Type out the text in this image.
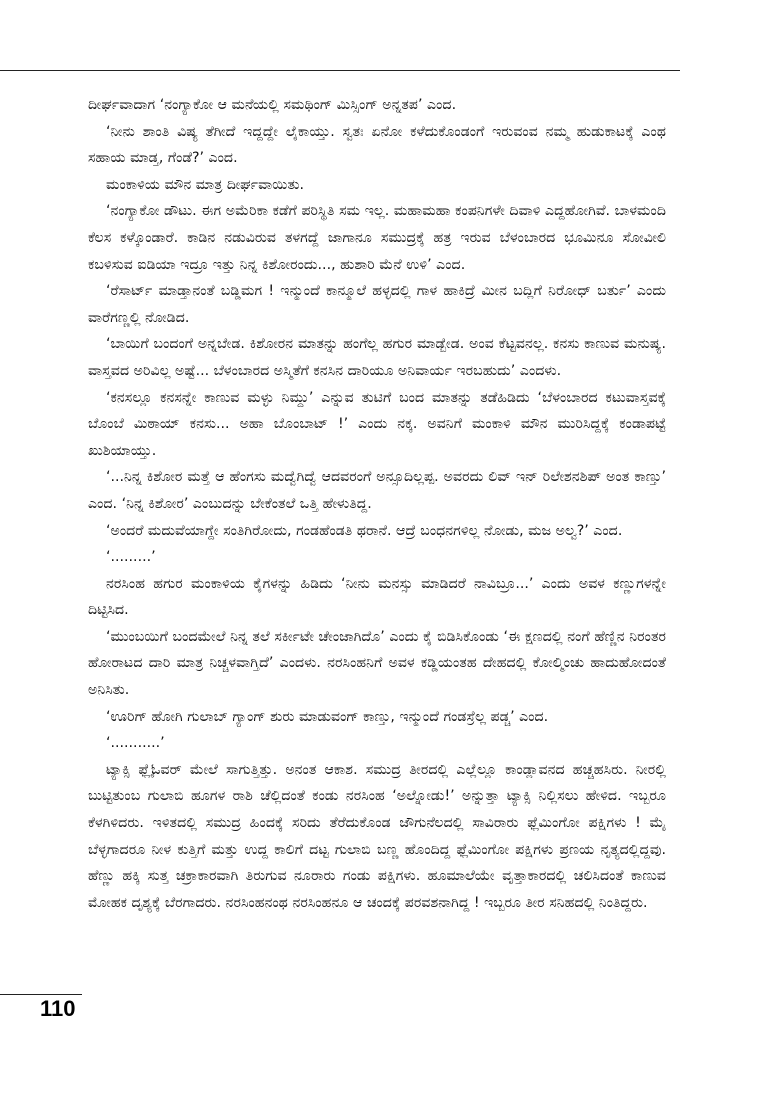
ದೀರ್ಘವಾದಾಗ ‘ನಂಗ್ಯಾಕೋ ಆ ಮನೆಯಲ್ಲಿ ಸಮಥಿಂಗ್ ಮಿಸ್ಸಿಂಗ್ ಅನ್ನತಪ’ ಎಂದ.

‘ನೀನು ಶಾಂತಿ ವಿಷ್ಯ ತೆಗೀದೆ ಇದ್ದದ್ದೇ ಲೈಕಾಯ್ತು. ಸ್ವತಃ ಏನೋ ಕಳೆದುಕೊಂಡಂಗೆ ಇರುವಂವ ನಮ್ಮ ಹುಡುಕಾಟಕ್ಕೆ ಎಂಥ ಸಹಾಯ ಮಾಡ್ತ, ಗೆಂಡೆ?’ ಎಂದ.

ಮಂಕಾಳಿಯ ಮೌನ ಮಾತ್ರ ದೀರ್ಘವಾಯಿತು.

‘ನಂಗ್ಯಾಕೋ ಡೌಟು. ಈಗ ಅಮೆರಿಕಾ ಕಡೆಗೆ ಪರಿಸ್ಥಿತಿ ಸಮ ಇಲ್ಲ. ಮಹಾಮಹಾ ಕಂಪನಿಗಳೇ ದಿವಾಳಿ ಎದ್ದಹೋಗಿವೆ. ಬಾಳಮಂದಿ ಕೆಲಸ ಕಳ್ಕೊಂಡಾರೆ. ಕಾಡಿನ ನಡುವಿರುವ ತಳಗದ್ದೆ ಜಾಗಾನೂ ಸಮುದ್ರಕ್ಕೆ ಹತ್ರ ಇರುವ ಬೆಳಂಬಾರದ ಭೂಮಿನೂ ಸೋವೀಲಿ ಕಬಳಿಸುವ ಐಡಿಯಾ ಇದ್ರೂ ಇತ್ತು ನಿನ್ನ ಕಿಶೋರಂದು..., ಹುಶಾರಿ ಮೆನೆ ಉಳಿ’ ಎಂದ.

‘ರೆಸಾರ್ಟ್ ಮಾಡ್ತಾನಂತೆ ಬಡ್ಡಿಮಗ ! ಇನ್ಮುಂದೆ ಕಾನ್ಮೂಲೆ ಹಳ್ಳದಲ್ಲಿ ಗಾಳ ಹಾಕಿದ್ರೆ ಮೀನ ಬದ್ಲಿಗೆ ನಿರೋಧ್ ಬರ್ತು’ ಎಂದು ವಾರೆಗಣ್ಣಲ್ಲಿ ನೋಡಿದ.

‘ಬಾಯಿಗೆ ಬಂದಂಗೆ ಅನ್ನಬೇಡ. ಕಿಶೋರನ ಮಾತನ್ನು ಹಂಗೆಲ್ಲ ಹಗುರ ಮಾಡ್ಬೇಡ. ಅಂವ ಕೆಟ್ಟವನಲ್ಲ. ಕನಸು ಕಾಣುವ ಮನುಷ್ಯ. ವಾಸ್ತವದ ಅರಿವಿಲ್ಲ ಅಷ್ಟೆ... ಬೆಳಂಬಾರದ ಅಸ್ಮಿತೆಗೆ ಕನಸಿನ ದಾರಿಯೂ ಅನಿವಾರ್ಯ ಇರಬಹುದು’ ಎಂದಳು.

‘ಕನಸಲ್ಲೂ ಕನಸನ್ನೇ ಕಾಣುವ ಮಳ್ಳು ನಿಮ್ದು’ ಎನ್ನುವ ತುಟಿಗೆ ಬಂದ ಮಾತನ್ನು ತಡೆಹಿಡಿದು ‘ಬೆಳಂಬಾರದ ಕಟುವಾಸ್ತವಕ್ಕೆ ಬೊಂಬೆ ಮಿಠಾಯ್ ಕನಸು... ಅಹಾ ಬೊಂಬಾಟ್ !’ ಎಂದು ನಕ್ಕ. ಅವನಿಗೆ ಮಂಕಾಳಿ ಮೌನ ಮುರಿಸಿದ್ದಕ್ಕೆ ಕಂಡಾಪಟ್ಟೆ ಖುಶಿಯಾಯ್ತು.

‘...ನಿನ್ನ ಕಿಶೋರ ಮತ್ತೆ ಆ ಹೆಂಗಸು ಮದ್ವೆಗಿದ್ವೆ ಆದವರಂಗೆ ಅನ್ಸೂದಿಲ್ಲಪ್ಪ. ಅವರದು ಲಿವ್ ಇನ್ ರಿಲೇಶನಶಿಪ್ ಅಂತ ಕಾಣ್ತು’ ಎಂದ. ‘ನಿನ್ನ ಕಿಶೋರ’ ಎಂಬುದನ್ನು ಬೇಕೆಂತಲೆ ಒತ್ತಿ ಹೇಳುತಿದ್ದ.

‘ಅಂದರೆ ಮದುವೆಯಾಗ್ದೇ ಸಂತಿಗಿರೋದು, ಗಂಡಹೆಂಡತಿ ಥರಾನೆ. ಆದ್ರೆ ಬಂಧನಗಳಿಲ್ಲ ನೋಡು, ಮಜ ಅಲ್ವ?’ ಎಂದ.

‘.........’

ನರಸಿಂಹ ಹಗುರ ಮಂಕಾಳಿಯ ಕೈಗಳನ್ನು ಹಿಡಿದು ‘ನೀನು ಮನಸ್ಸು ಮಾಡಿದರೆ ನಾವಿಬ್ರೂ...’ ಎಂದು ಅವಳ ಕಣ್ಣುಗಳನ್ನೇ ದಿಟ್ಟಿಸಿದ.

‘ಮುಂಬಯಿಗೆ ಬಂದಮೇಲೆ ನಿನ್ನ ತಲೆ ಸರ್ಕೀಟೇ ಚೇಂಜಾಗಿದೊ’ ಎಂದು ಕೈ ಬಿಡಿಸಿಕೊಂಡು ‘ಈ ಕ್ಷಣದಲ್ಲಿ ನಂಗೆ ಹೆಣ್ಣಿನ ನಿರಂತರ ಹೋರಾಟದ ದಾರಿ ಮಾತ್ರ ನಿಚ್ಚಳವಾಗ್ತಿದೆ’ ಎಂದಳು. ನರಸಿಂಹನಿಗೆ ಅವಳ ಕಡ್ಡಿಯಂತಹ ದೇಹದಲ್ಲಿ ಕೋಲ್ಮಿಂಚು ಹಾದುಹೋದಂತೆ ಅನಿಸಿತು.

‘ಊರಿಗ್ ಹೋಗಿ ಗುಲಾಬ್ ಗ್ಯಾಂಗ್ ಶುರು ಮಾಡುವಂಗ್ ಕಾಣ್ತು, ಇನ್ಮುಂದೆ ಗಂಡಸ್ರೆಲ್ಲ ಪಡ್ಚ’ ಎಂದ.

‘...........’

ಟ್ಯಾಕ್ಸಿ ಫ್ಲೈಓವರ್ ಮೇಲೆ ಸಾಗುತ್ತಿತ್ತು. ಅನಂತ ಆಕಾಶ. ಸಮುದ್ರ ತೀರದಲ್ಲಿ ಎಲ್ಲೆಲ್ಲೂ ಕಾಂಡ್ಲಾವನದ ಹಚ್ಚಹಸಿರು. ನೀರಲ್ಲಿ ಬುಟ್ಟಿತುಂಬ ಗುಲಾಬಿ ಹೂಗಳ ರಾಶಿ ಚೆಲ್ಲಿದಂತೆ ಕಂಡು ನರಸಿಂಹ ‘ಅಲ್ನೋಡು!’ ಅನ್ನುತ್ತಾ ಟ್ಯಾಕ್ಸಿ ನಿಲ್ಲಿಸಲು ಹೇಳಿದ. ಇಬ್ಬರೂ ಕೆಳಗಿಳಿದರು. ಇಳಿತದಲ್ಲಿ ಸಮುದ್ರ ಹಿಂದಕ್ಕೆ ಸರಿದು ತೆರೆದುಕೊಂಡ ಜೌಗುನೆಲದಲ್ಲಿ ಸಾವಿರಾರು ಫ್ಲೆಮಿಂಗೋ ಪಕ್ಷಿಗಳು ! ಮೈ ಬೆಳ್ಳಗಾದರೂ ನೀಳ ಕುತ್ತಿಗೆ ಮತ್ತು ಉದ್ದ ಕಾಲಿಗೆ ದಟ್ಟ ಗುಲಾಬಿ ಬಣ್ಣ ಹೊಂದಿದ್ದ ಫ್ಲೆಮಿಂಗೋ ಪಕ್ಷಿಗಳು ಪ್ರಣಯ ನೃತ್ಯದಲ್ಲಿದ್ದವು. ಹೆಣ್ಣು ಹಕ್ಕಿ ಸುತ್ತ ಚಕ್ರಾಕಾರವಾಗಿ ತಿರುಗುವ ನೂರಾರು ಗಂಡು ಪಕ್ಷಿಗಳು. ಹೂಮಾಲೆಯೇ ವೃತ್ತಾಕಾರದಲ್ಲಿ ಚಲಿಸಿದಂತೆ ಕಾಣುವ ಮೋಹಕ ದೃಶ್ಯಕ್ಕೆ ಬೆರಗಾದರು. ನರಸಿಂಹನಂಥ ನರಸಿಂಹನೂ ಆ ಚಂದಕ್ಕೆ ಪರವಶನಾಗಿದ್ದ ! ಇಬ್ಬರೂ ತೀರ ಸನಿಹದಲ್ಲಿ ನಿಂತಿದ್ದರು.

110
